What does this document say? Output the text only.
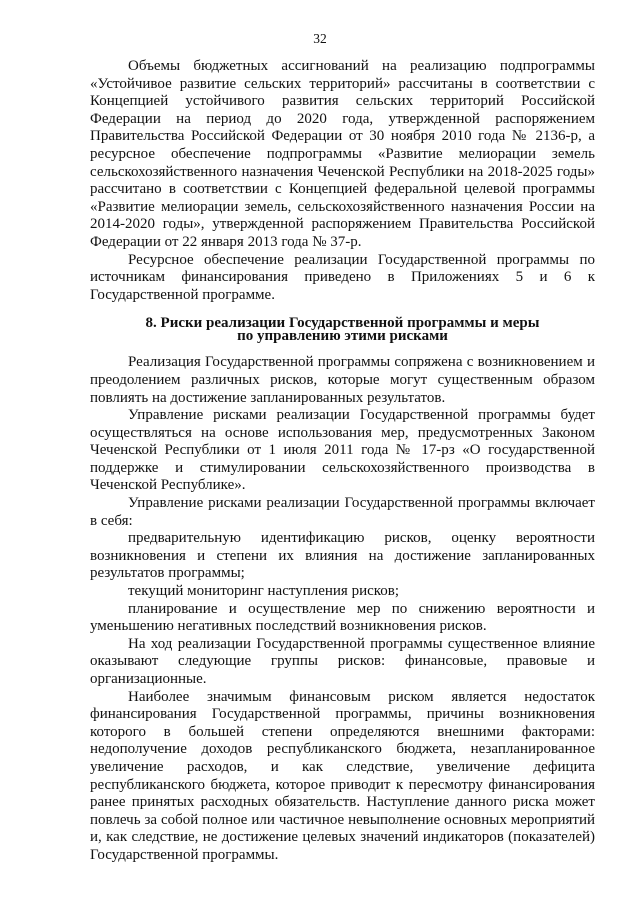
32

Объемы бюджетных ассигнований на реализацию подпрограммы «Устойчивое развитие сельских территорий» рассчитаны в соответствии с Концепцией устойчивого развития сельских территорий Российской Федерации на период до 2020 года, утвержденной распоряжением Правительства Российской Федерации от 30 ноября 2010 года № 2136-р, а ресурсное обеспечение подпрограммы «Развитие мелиорации земель сельскохозяйственного назначения Чеченской Республики на 2018-2025 годы» рассчитано в соответствии с Концепцией федеральной целевой программы «Развитие мелиорации земель, сельскохозяйственного назначения России на 2014-2020 годы», утвержденной распоряжением Правительства Российской Федерации от 22 января 2013 года № 37-р.

Ресурсное обеспечение реализации Государственной программы по источникам финансирования приведено в Приложениях 5 и 6 к Государственной программе.

8. Риски реализации Государственной программы и меры
по управлению этими рисками

Реализация Государственной программы сопряжена с возникновением и преодолением различных рисков, которые могут существенным образом повлиять на достижение запланированных результатов.

Управление рисками реализации Государственной программы будет осуществляться на основе использования мер, предусмотренных Законом Чеченской Республики от 1 июля 2011 года № 17-рз «О государственной поддержке и стимулировании сельскохозяйственного производства в Чеченской Республике».

Управление рисками реализации Государственной программы включает в себя:

предварительную идентификацию рисков, оценку вероятности возникновения и степени их влияния на достижение запланированных результатов программы;

текущий мониторинг наступления рисков;

планирование и осуществление мер по снижению вероятности и уменьшению негативных последствий возникновения рисков.

На ход реализации Государственной программы существенное влияние оказывают следующие группы рисков: финансовые, правовые и организационные.

Наиболее значимым финансовым риском является недостаток финансирования Государственной программы, причины возникновения которого в большей степени определяются внешними факторами: недополучение доходов республиканского бюджета, незапланированное увеличение расходов, и как следствие, увеличение дефицита республиканского бюджета, которое приводит к пересмотру финансирования ранее принятых расходных обязательств. Наступление данного риска может повлечь за собой полное или частичное невыполнение основных мероприятий и, как следствие, не достижение целевых значений индикаторов (показателей) Государственной программы.
